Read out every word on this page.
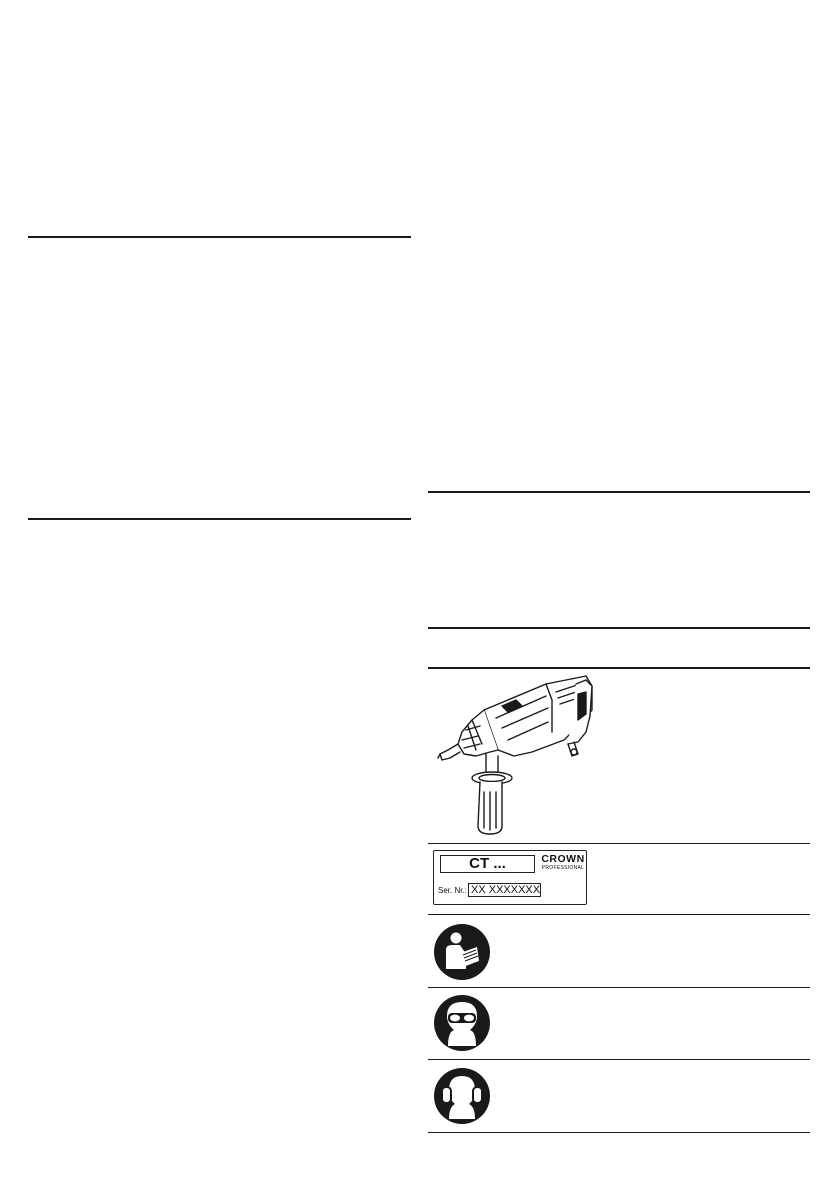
CT ...	CROWN
PROFESSIONAL
Ser. Nr.: XX XXXXXXX
